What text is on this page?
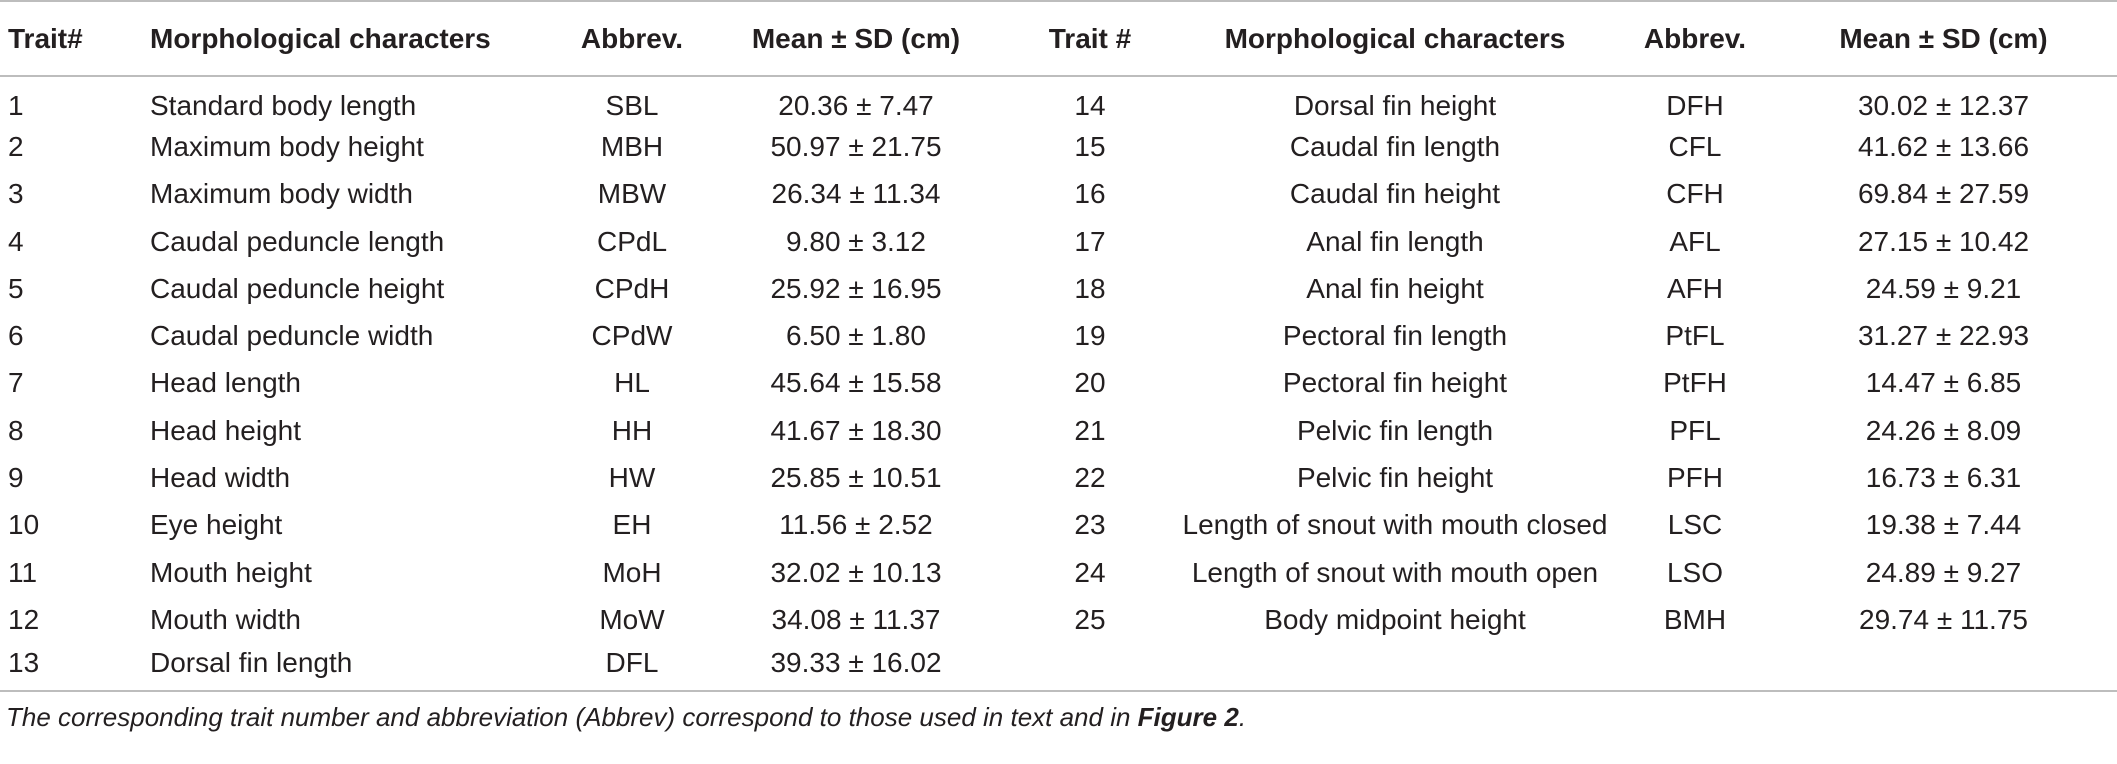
Trait#	Morphological characters	Abbrev.	Mean ± SD (cm)	Trait #	Morphological characters	Abbrev.	Mean ± SD (cm)
1	Standard body length	SBL	20.36 ± 7.47	14	Dorsal fin height	DFH	30.02 ± 12.37
2	Maximum body height	MBH	50.97 ± 21.75	15	Caudal fin length	CFL	41.62 ± 13.66
3	Maximum body width	MBW	26.34 ± 11.34	16	Caudal fin height	CFH	69.84 ± 27.59
4	Caudal peduncle length	CPdL	9.80 ± 3.12	17	Anal fin length	AFL	27.15 ± 10.42
5	Caudal peduncle height	CPdH	25.92 ± 16.95	18	Anal fin height	AFH	24.59 ± 9.21
6	Caudal peduncle width	CPdW	6.50 ± 1.80	19	Pectoral fin length	PtFL	31.27 ± 22.93
7	Head length	HL	45.64 ± 15.58	20	Pectoral fin height	PtFH	14.47 ± 6.85
8	Head height	HH	41.67 ± 18.30	21	Pelvic fin length	PFL	24.26 ± 8.09
9	Head width	HW	25.85 ± 10.51	22	Pelvic fin height	PFH	16.73 ± 6.31
10	Eye height	EH	11.56 ± 2.52	23	Length of snout with mouth closed	LSC	19.38 ± 7.44
11	Mouth height	MoH	32.02 ± 10.13	24	Length of snout with mouth open	LSO	24.89 ± 9.27
12	Mouth width	MoW	34.08 ± 11.37	25	Body midpoint height	BMH	29.74 ± 11.75
13	Dorsal fin length	DFL	39.33 ± 16.02				
The corresponding trait number and abbreviation (Abbrev) correspond to those used in text and in Figure 2.
